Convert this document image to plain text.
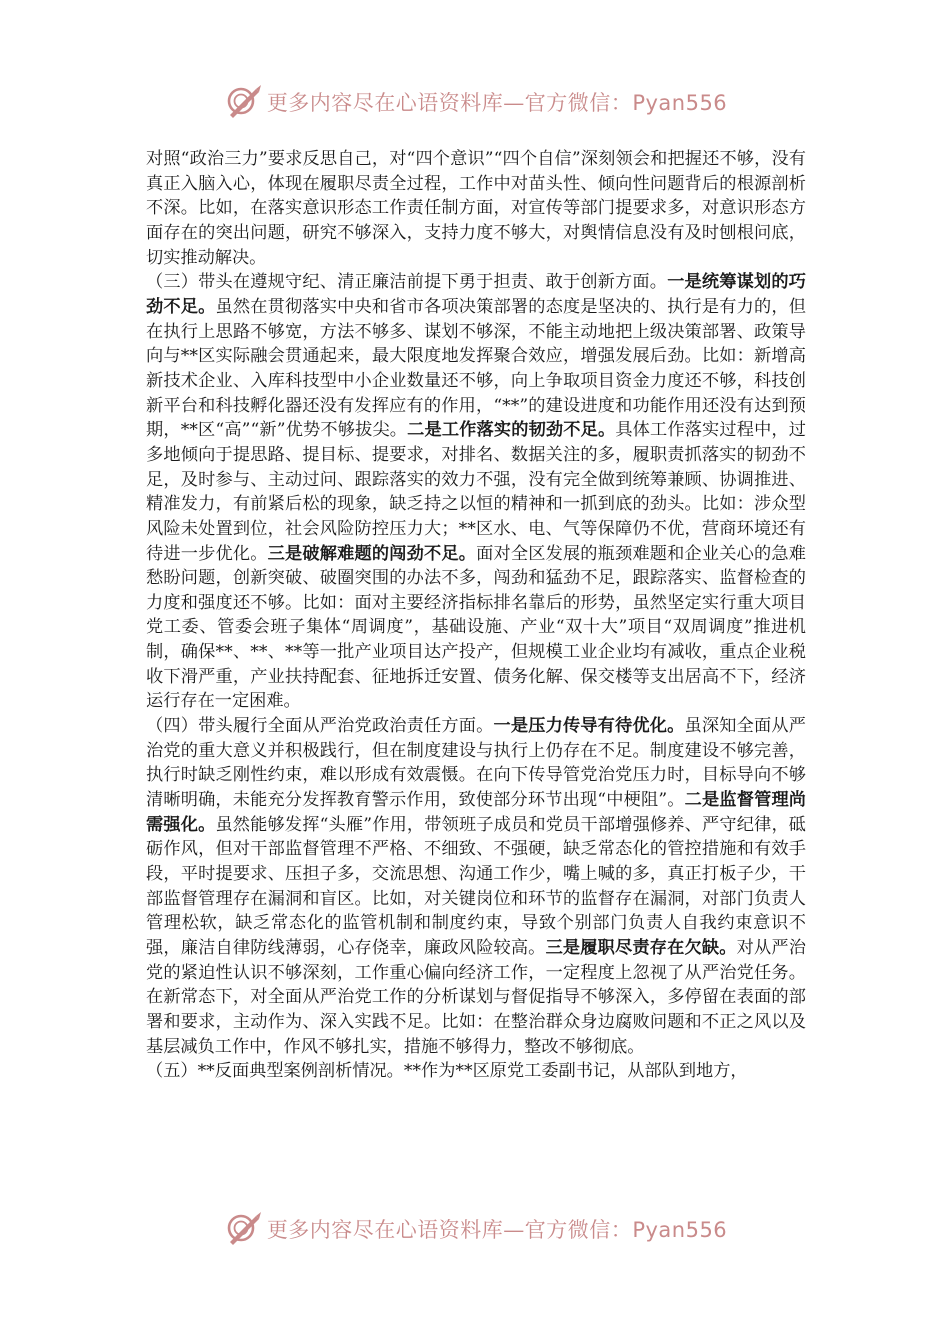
更多内容尽在心语资料库—官方微信：Pyan556

对照“政治三力”要求反思自己，对“四个意识”“四个自信”深刻领会和把握还不够，没有真正入脑入心，体现在履职尽责全过程，工作中对苗头性、倾向性问题背后的根源剖析不深。比如，在落实意识形态工作责任制方面，对宣传等部门提要求多，对意识形态方面存在的突出问题，研究不够深入，支持力度不够大，对舆情信息没有及时刨根问底，切实推动解决。

（三）带头在遵规守纪、清正廉洁前提下勇于担责、敢于创新方面。一是统筹谋划的巧劲不足。虽然在贯彻落实中央和省市各项决策部署的态度是坚决的、执行是有力的，但在执行上思路不够宽，方法不够多、谋划不够深，不能主动地把上级决策部署、政策导向与**区实际融会贯通起来，最大限度地发挥聚合效应，增强发展后劲。比如：新增高新技术企业、入库科技型中小企业数量还不够，向上争取项目资金力度还不够，科技创新平台和科技孵化器还没有发挥应有的作用，“**”的建设进度和功能作用还没有达到预期，**区“高”“新”优势不够拔尖。二是工作落实的韧劲不足。具体工作落实过程中，过多地倾向于提思路、提目标、提要求，对排名、数据关注的多，履职责抓落实的韧劲不足，及时参与、主动过问、跟踪落实的效力不强，没有完全做到统筹兼顾、协调推进、精准发力，有前紧后松的现象，缺乏持之以恒的精神和一抓到底的劲头。比如：涉众型风险未处置到位，社会风险防控压力大；**区水、电、气等保障仍不优，营商环境还有待进一步优化。三是破解难题的闯劲不足。面对全区发展的瓶颈难题和企业关心的急难愁盼问题，创新突破、破圈突围的办法不多，闯劲和猛劲不足，跟踪落实、监督检查的力度和强度还不够。比如：面对主要经济指标排名靠后的形势，虽然坚定实行重大项目党工委、管委会班子集体“周调度”，基础设施、产业“双十大”项目“双周调度”推进机制，确保**、**、**等一批产业项目达产投产，但规模工业企业均有减收，重点企业税收下滑严重，产业扶持配套、征地拆迁安置、债务化解、保交楼等支出居高不下，经济运行存在一定困难。

（四）带头履行全面从严治党政治责任方面。一是压力传导有待优化。虽深知全面从严治党的重大意义并积极践行，但在制度建设与执行上仍存在不足。制度建设不够完善，执行时缺乏刚性约束，难以形成有效震慑。在向下传导管党治党压力时，目标导向不够清晰明确，未能充分发挥教育警示作用，致使部分环节出现“中梗阻”。二是监督管理尚需强化。虽然能够发挥“头雁”作用，带领班子成员和党员干部增强修养、严守纪律，砥砺作风，但对干部监督管理不严格、不细致、不强硬，缺乏常态化的管控措施和有效手段，平时提要求、压担子多，交流思想、沟通工作少，嘴上喊的多，真正打板子少，干部监督管理存在漏洞和盲区。比如，对关键岗位和环节的监督存在漏洞，对部门负责人管理松软，缺乏常态化的监管机制和制度约束，导致个别部门负责人自我约束意识不强，廉洁自律防线薄弱，心存侥幸，廉政风险较高。三是履职尽责存在欠缺。对从严治党的紧迫性认识不够深刻，工作重心偏向经济工作，一定程度上忽视了从严治党任务。在新常态下，对全面从严治党工作的分析谋划与督促指导不够深入，多停留在表面的部署和要求，主动作为、深入实践不足。比如：在整治群众身边腐败问题和不正之风以及基层减负工作中，作风不够扎实，措施不够得力，整改不够彻底。

（五）**反面典型案例剖析情况。**作为**区原党工委副书记，从部队到地方，

更多内容尽在心语资料库—官方微信：Pyan556
